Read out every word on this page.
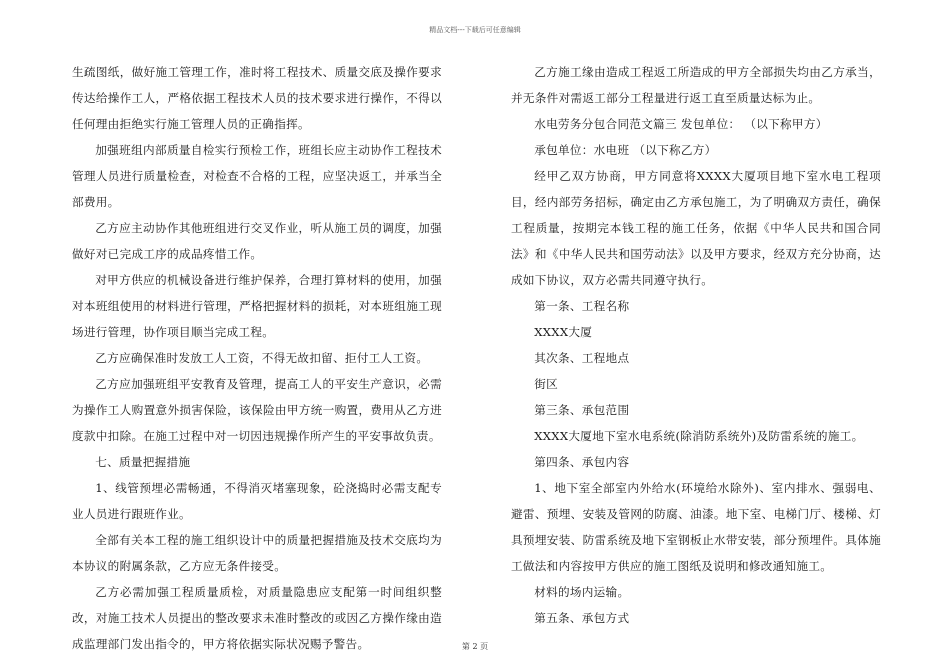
精品文档---下载后可任意编辑

生疏图纸，做好施工管理工作，准时将工程技术、质量交底及操作要求传达给操作工人，严格依据工程技术人员的技术要求进行操作，不得以任何理由拒绝实行施工管理人员的正确指挥。

加强班组内部质量自检实行预检工作，班组长应主动协作工程技术管理人员进行质量检查，对检查不合格的工程，应坚决返工，并承当全部费用。

乙方应主动协作其他班组进行交叉作业，听从施工员的调度，加强做好对已完成工序的成品疼惜工作。

对甲方供应的机械设备进行维护保养，合理打算材料的使用，加强对本班组使用的材料进行管理，严格把握材料的损耗，对本班组施工现场进行管理，协作项目顺当完成工程。

乙方应确保准时发放工人工资，不得无故扣留、拒付工人工资。

乙方应加强班组平安教育及管理，提高工人的平安生产意识，必需为操作工人购置意外损害保险，该保险由甲方统一购置，费用从乙方进度款中扣除。在施工过程中对一切因违规操作所产生的平安事故负责。

七、质量把握措施

1、线管预埋必需畅通，不得消灭堵塞现象，砼浇捣时必需支配专业人员进行跟班作业。

全部有关本工程的施工组织设计中的质量把握措施及技术交底均为本协议的附属条款，乙方应无条件接受。

乙方必需加强工程质量质检，对质量隐患应支配第一时间组织整改，对施工技术人员提出的整改要求未准时整改的或因乙方操作缘由造成监理部门发出指令的，甲方将依据实际状况赐予警告。

乙方施工缘由造成工程返工所造成的甲方全部损失均由乙方承当，并无条件对需返工部分工程量进行返工直至质量达标为止。

水电劳务分包合同范文篇三 发包单位： （以下称甲方）

承包单位：水电班 （以下称乙方）

经甲乙双方协商，甲方同意将XXXX大厦项目地下室水电工程项目，经内部劳务招标，确定由乙方承包施工，为了明确双方责任，确保工程质量，按期完本钱工程的施工任务，依据《中华人民共和国合同法》和《中华人民共和国劳动法》以及甲方要求，经双方充分协商，达成如下协议，双方必需共同遵守执行。

第一条、工程名称

XXXX大厦

其次条、工程地点

街区

第三条、承包范围

XXXX大厦地下室水电系统(除消防系统外)及防雷系统的施工。

第四条、承包内容

1、地下室全部室内外给水(环境给水除外)、室内排水、强弱电、避雷、预埋、安装及管网的防腐、油漆。地下室、电梯门厅、楼梯、灯具预埋安装、防雷系统及地下室钢板止水带安装，部分预埋件。具体施工做法和内容按甲方供应的施工图纸及说明和修改通知施工。

材料的场内运输。

第五条、承包方式

第 2 页
